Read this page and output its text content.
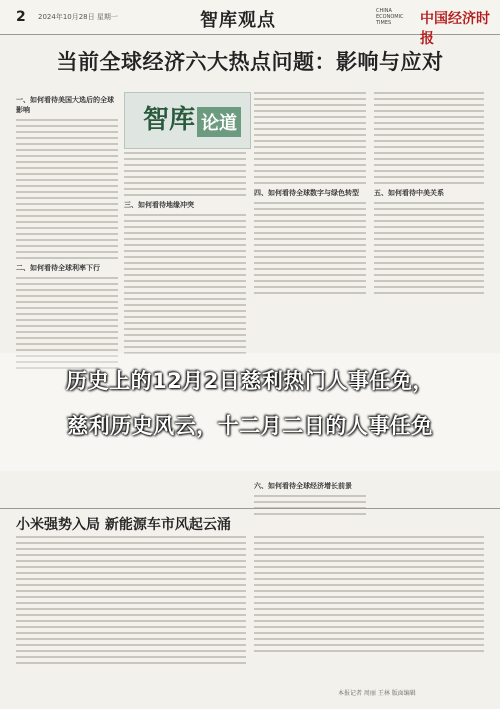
2 2024年10月28日 星期一	智库观点	CHINA ECONOMIC TIMES	中国经济时报
当前全球经济六大热点问题：影响与应对
智库 论道
一、如何看待美国大选后的全球影响
二、如何看待全球利率下行
三、如何看待地缘冲突
四、如何看待全球数字与绿色转型	五、如何看待中美关系
历史上的12月2日慈利热门人事任免，
慈利历史风云，十二月二日的人事任免
六、如何看待全球经济增长前景
小米强势入局 新能源车市风起云涌
本报记者 周丽 王林 版面编辑
